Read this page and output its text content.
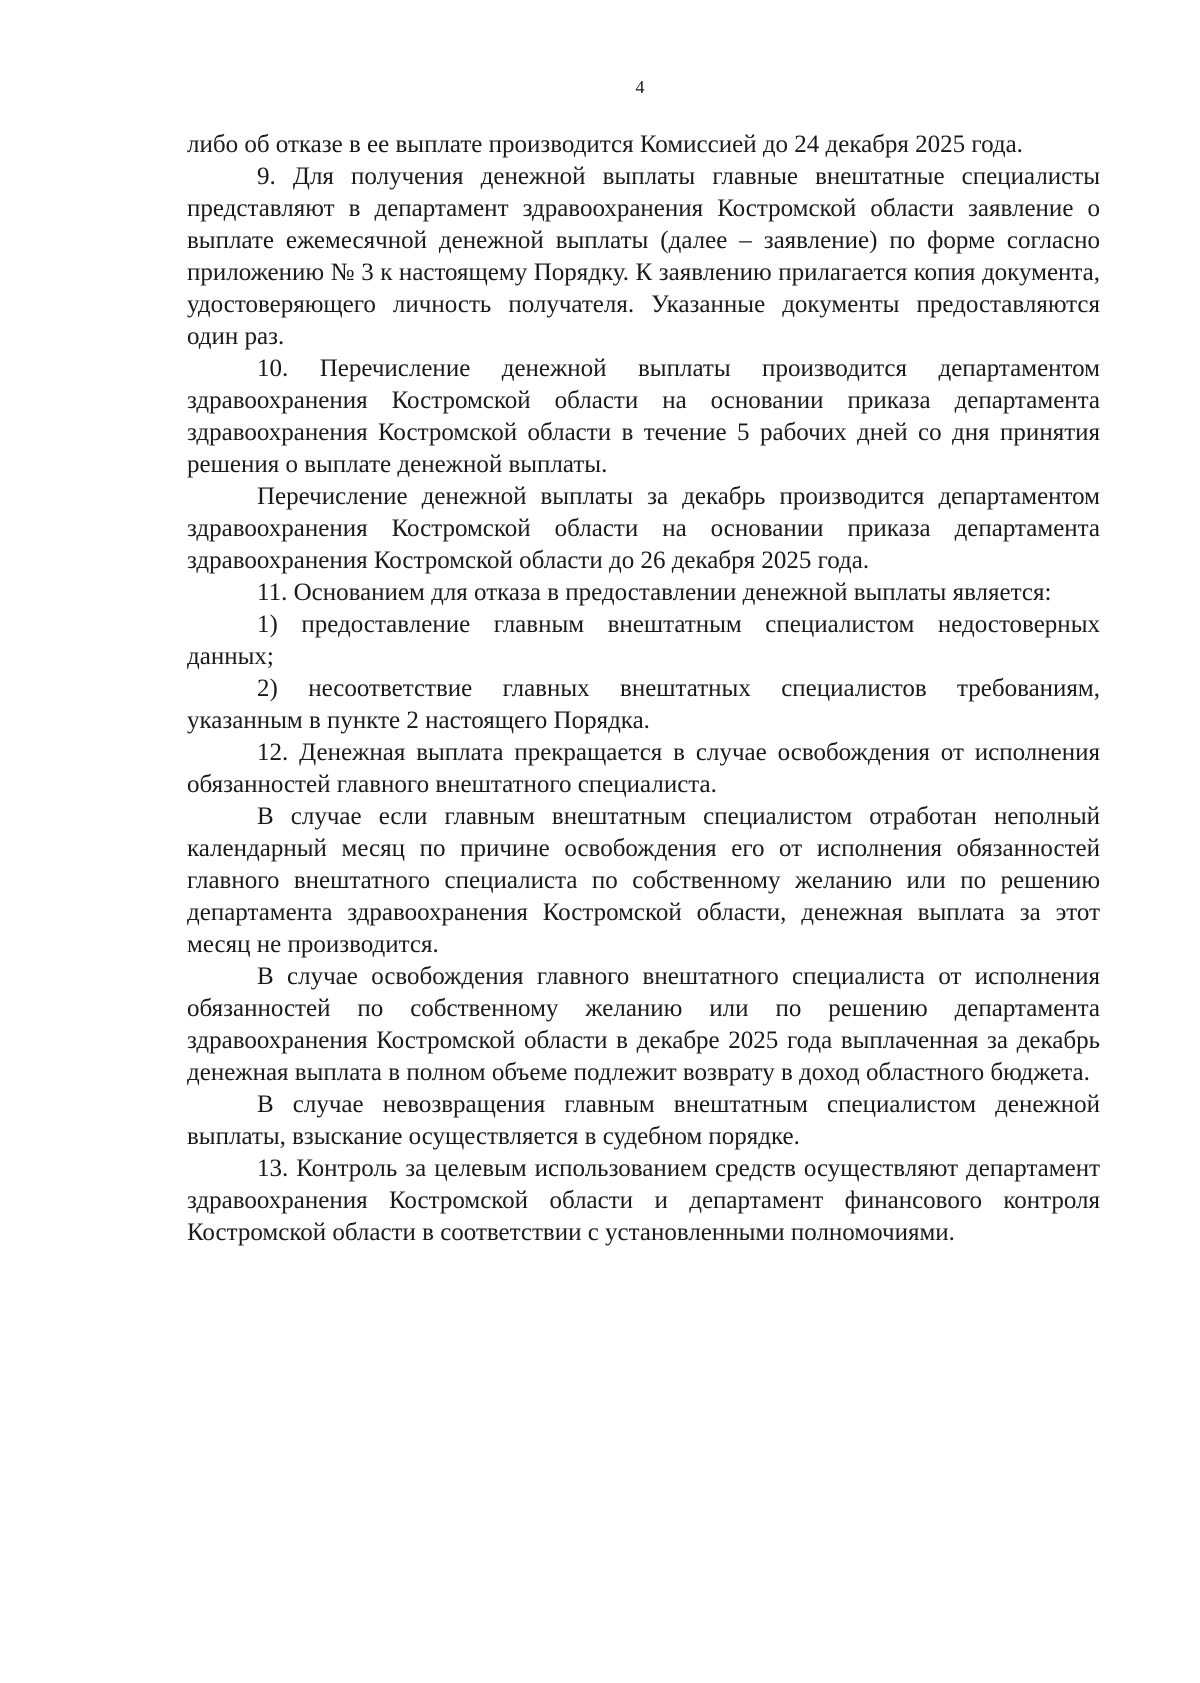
4

либо об отказе в ее выплате производится Комиссией до 24 декабря 2025 года.

9. Для получения денежной выплаты главные внештатные специалисты представляют в департамент здравоохранения Костромской области заявление о выплате ежемесячной денежной выплаты (далее – заявление) по форме согласно приложению № 3 к настоящему Порядку. К заявлению прилагается копия документа, удостоверяющего личность получателя. Указанные документы предоставляются один раз.

10. Перечисление денежной выплаты производится департаментом здравоохранения Костромской области на основании приказа департамента здравоохранения Костромской области в течение 5 рабочих дней со дня принятия решения о выплате денежной выплаты.

Перечисление денежной выплаты за декабрь производится департаментом здравоохранения Костромской области на основании приказа департамента здравоохранения Костромской области до 26 декабря 2025 года.

11. Основанием для отказа в предоставлении денежной выплаты является:

1) предоставление главным внештатным специалистом недостоверных данных;

2) несоответствие главных внештатных специалистов требованиям, указанным в пункте 2 настоящего Порядка.

12. Денежная выплата прекращается в случае освобождения от исполнения обязанностей главного внештатного специалиста.

В случае если главным внештатным специалистом отработан неполный календарный месяц по причине освобождения его от исполнения обязанностей главного внештатного специалиста по собственному желанию или по решению департамента здравоохранения Костромской области, денежная выплата за этот месяц не производится.

В случае освобождения главного внештатного специалиста от исполнения обязанностей по собственному желанию или по решению департамента здравоохранения Костромской области в декабре 2025 года выплаченная за декабрь денежная выплата в полном объеме подлежит возврату в доход областного бюджета.

В случае невозвращения главным внештатным специалистом денежной выплаты, взыскание осуществляется в судебном порядке.

13. Контроль за целевым использованием средств осуществляют департамент здравоохранения Костромской области и департамент финансового контроля Костромской области в соответствии с установленными полномочиями.
